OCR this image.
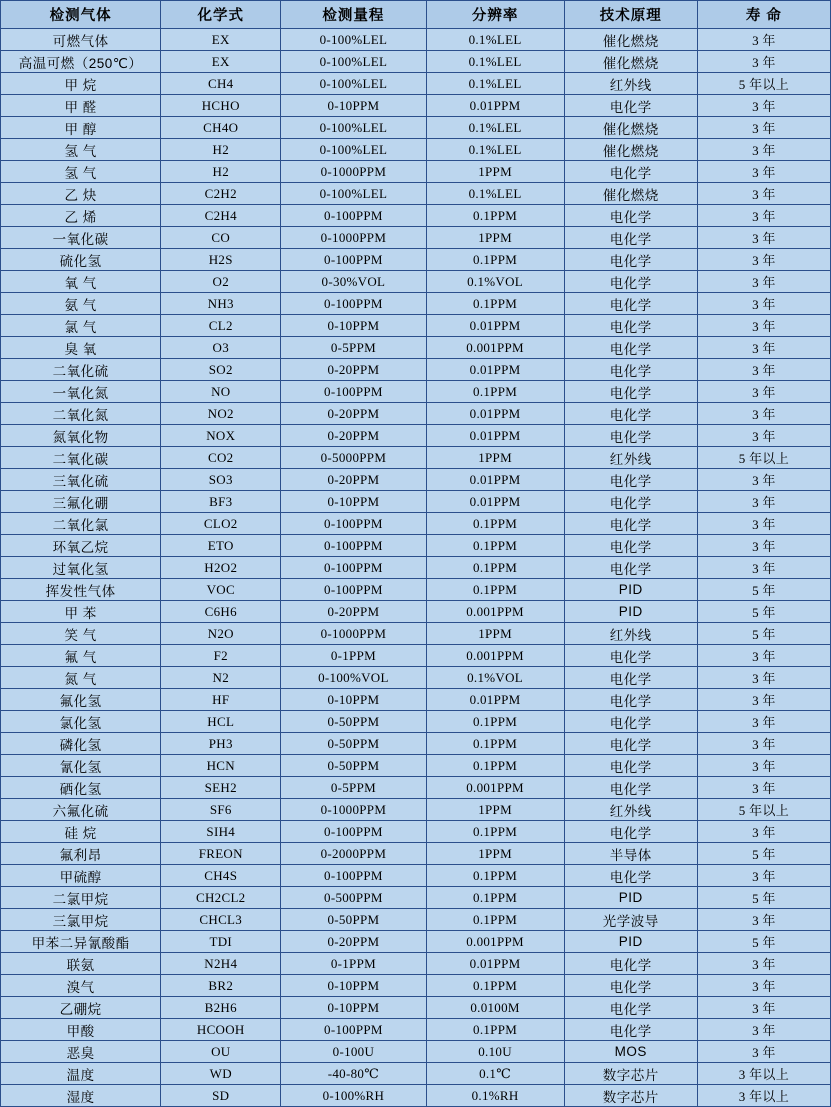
检测气体	化学式	检测量程	分辨率	技术原理	寿 命
可燃气体	EX	0-100%LEL	0.1%LEL	催化燃烧	3 年
高温可燃（250℃）	EX	0-100%LEL	0.1%LEL	催化燃烧	3 年
甲 烷	CH4	0-100%LEL	0.1%LEL	红外线	5 年以上
甲 醛	HCHO	0-10PPM	0.01PPM	电化学	3 年
甲 醇	CH4O	0-100%LEL	0.1%LEL	催化燃烧	3 年
氢 气	H2	0-100%LEL	0.1%LEL	催化燃烧	3 年
氢 气	H2	0-1000PPM	1PPM	电化学	3 年
乙 炔	C2H2	0-100%LEL	0.1%LEL	催化燃烧	3 年
乙 烯	C2H4	0-100PPM	0.1PPM	电化学	3 年
一氧化碳	CO	0-1000PPM	1PPM	电化学	3 年
硫化氢	H2S	0-100PPM	0.1PPM	电化学	3 年
氧 气	O2	0-30%VOL	0.1%VOL	电化学	3 年
氨 气	NH3	0-100PPM	0.1PPM	电化学	3 年
氯 气	CL2	0-10PPM	0.01PPM	电化学	3 年
臭 氧	O3	0-5PPM	0.001PPM	电化学	3 年
二氧化硫	SO2	0-20PPM	0.01PPM	电化学	3 年
一氧化氮	NO	0-100PPM	0.1PPM	电化学	3 年
二氧化氮	NO2	0-20PPM	0.01PPM	电化学	3 年
氮氧化物	NOX	0-20PPM	0.01PPM	电化学	3 年
二氧化碳	CO2	0-5000PPM	1PPM	红外线	5 年以上
三氧化硫	SO3	0-20PPM	0.01PPM	电化学	3 年
三氟化硼	BF3	0-10PPM	0.01PPM	电化学	3 年
二氧化氯	CLO2	0-100PPM	0.1PPM	电化学	3 年
环氧乙烷	ETO	0-100PPM	0.1PPM	电化学	3 年
过氧化氢	H2O2	0-100PPM	0.1PPM	电化学	3 年
挥发性气体	VOC	0-100PPM	0.1PPM	PID	5 年
甲 苯	C6H6	0-20PPM	0.001PPM	PID	5 年
笑 气	N2O	0-1000PPM	1PPM	红外线	5 年
氟 气	F2	0-1PPM	0.001PPM	电化学	3 年
氮 气	N2	0-100%VOL	0.1%VOL	电化学	3 年
氟化氢	HF	0-10PPM	0.01PPM	电化学	3 年
氯化氢	HCL	0-50PPM	0.1PPM	电化学	3 年
磷化氢	PH3	0-50PPM	0.1PPM	电化学	3 年
氰化氢	HCN	0-50PPM	0.1PPM	电化学	3 年
硒化氢	SEH2	0-5PPM	0.001PPM	电化学	3 年
六氟化硫	SF6	0-1000PPM	1PPM	红外线	5 年以上
硅 烷	SIH4	0-100PPM	0.1PPM	电化学	3 年
氟利昂	FREON	0-2000PPM	1PPM	半导体	5 年
甲硫醇	CH4S	0-100PPM	0.1PPM	电化学	3 年
二氯甲烷	CH2CL2	0-500PPM	0.1PPM	PID	5 年
三氯甲烷	CHCL3	0-50PPM	0.1PPM	光学波导	3 年
甲苯二异氰酸酯	TDI	0-20PPM	0.001PPM	PID	5 年
联氨	N2H4	0-1PPM	0.01PPM	电化学	3 年
溴气	BR2	0-10PPM	0.1PPM	电化学	3 年
乙硼烷	B2H6	0-10PPM	0.0100M	电化学	3 年
甲酸	HCOOH	0-100PPM	0.1PPM	电化学	3 年
恶臭	OU	0-100U	0.10U	MOS	3 年
温度	WD	-40-80℃	0.1℃	数字芯片	3 年以上
湿度	SD	0-100%RH	0.1%RH	数字芯片	3 年以上
